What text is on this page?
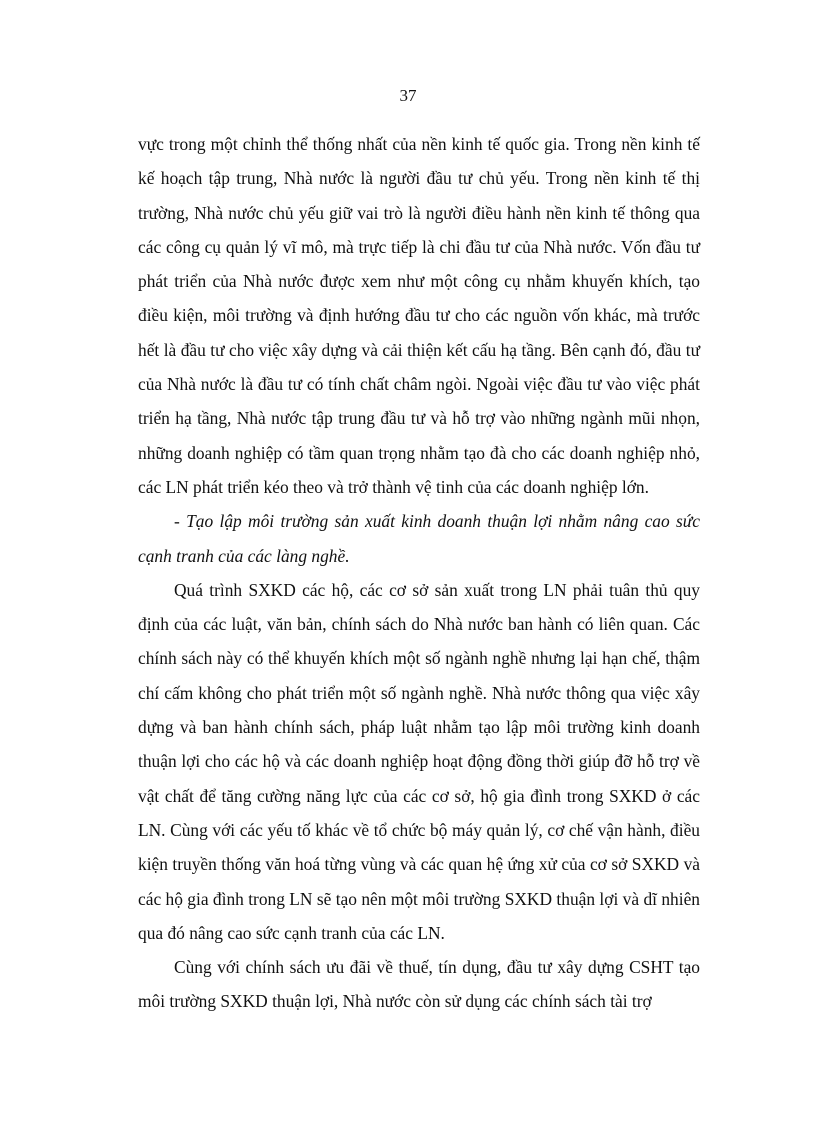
37

vực trong một chỉnh thể thống nhất của nền kinh tế quốc gia. Trong nền kinh tế kế hoạch tập trung, Nhà nước là người đầu tư chủ yếu. Trong nền kinh tế thị trường, Nhà nước chủ yếu giữ vai trò là người điều hành nền kinh tế thông qua các công cụ quản lý vĩ mô, mà trực tiếp là chi đầu tư của Nhà nước. Vốn đầu tư phát triển của Nhà nước được xem như một công cụ nhằm khuyến khích, tạo điều kiện, môi trường và định hướng đầu tư cho các nguồn vốn khác, mà trước hết là đầu tư cho việc xây dựng và cải thiện kết cấu hạ tầng. Bên cạnh đó, đầu tư của Nhà nước là đầu tư có tính chất châm ngòi. Ngoài việc đầu tư vào việc phát triển hạ tầng, Nhà nước tập trung đầu tư và hỗ trợ vào những ngành mũi nhọn, những doanh nghiệp có tầm quan trọng nhằm tạo đà cho các doanh nghiệp nhỏ, các LN phát triển kéo theo và trở thành vệ tinh của các doanh nghiệp lớn.

- Tạo lập môi trường sản xuất kinh doanh thuận lợi nhằm nâng cao sức cạnh tranh của các làng nghề.

Quá trình SXKD các hộ, các cơ sở sản xuất trong LN phải tuân thủ quy định của các luật, văn bản, chính sách do Nhà nước ban hành có liên quan. Các chính sách này có thể khuyến khích một số ngành nghề nhưng lại hạn chế, thậm chí cấm không cho phát triển một số ngành nghề. Nhà nước thông qua việc xây dựng và ban hành chính sách, pháp luật nhằm tạo lập môi trường kinh doanh thuận lợi cho các hộ và các doanh nghiệp hoạt động đồng thời giúp đỡ hỗ trợ về vật chất để tăng cường năng lực của các cơ sở, hộ gia đình trong SXKD ở các LN. Cùng với các yếu tố khác về tổ chức bộ máy quản lý, cơ chế vận hành, điều kiện truyền thống văn hoá từng vùng và các quan hệ ứng xử của cơ sở SXKD và các hộ gia đình trong LN sẽ tạo nên một môi trường SXKD thuận lợi và dĩ nhiên qua đó nâng cao sức cạnh tranh của các LN.

Cùng với chính sách ưu đãi về thuế, tín dụng, đầu tư xây dựng CSHT tạo môi trường SXKD thuận lợi, Nhà nước còn sử dụng các chính sách tài trợ
